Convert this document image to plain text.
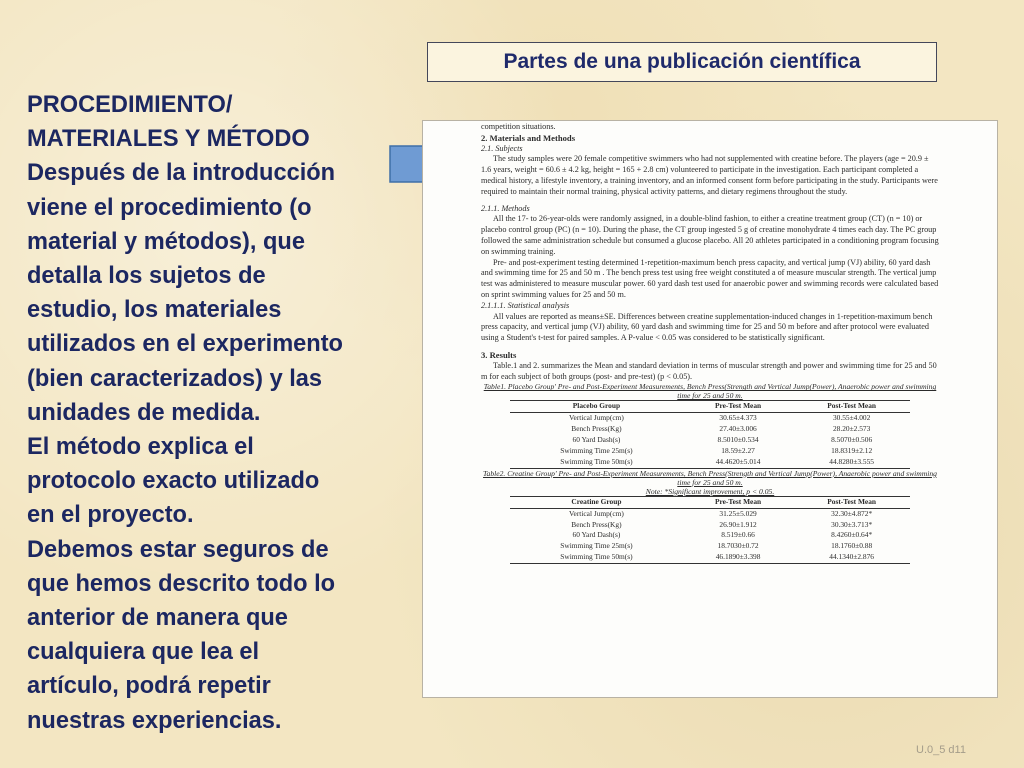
Partes de una publicación científica
PROCEDIMIENTO/
MATERIALES Y MÉTODO
Después de la introducción
viene el procedimiento (o
material y métodos), que
detalla los sujetos de
estudio, los materiales
utilizados en el experimento
(bien caracterizados) y las
unidades de medida.
El método explica el
protocolo exacto utilizado
en el proyecto.
Debemos estar seguros de
que hemos descrito todo lo
anterior de manera que
cualquiera que lea el
artículo, podrá repetir
nuestras experiencias.

competition situations.

2. Materials and Methods

2.1. Subjects

The study samples were 20 female competitive swimmers who had not supplemented with creatine before. The players (age = 20.9 ± 1.6 years, weight = 60.6 ± 4.2 kg, height = 165 + 2.8 cm) volunteered to participate in the investigation. Each participant completed a medical history, a lifestyle inventory, a training inventory, and an informed consent form before participating in the study. Participants were required to maintain their normal training, physical activity patterns, and dietary regimens throughout the study.

2.1.1. Methods

All the 17- to 26-year-olds were randomly assigned, in a double-blind fashion, to either a creatine treatment group (CT) (n = 10) or placebo control group (PC) (n = 10). During the phase, the CT group ingested 5 g of creatine monohydrate 4 times each day. The PC group followed the same administration schedule but consumed a glucose placebo. All 20 athletes participated in a conditioning program focusing on swimming training.

Pre- and post-experiment testing determined 1-repetition-maximum bench press capacity, and vertical jump (VJ) ability, 60 yard dash and swimming time for 25 and 50 m . The bench press test using free weight constituted a of measure muscular strength. The vertical jump test was administered to measure muscular power. 60 yard dash test used for anaerobic power and swimming records were calculated based on sprint swimming values for 25 and 50 m.

2.1.1.1. Statistical analysis

All values are reported as means±SE. Differences between creatine supplementation-induced changes in 1-repetition-maximum bench press capacity, and vertical jump (VJ) ability, 60 yard dash and swimming time for 25 and 50 m before and after protocol were evaluated using a Student's t-test for paired samples. A P-value < 0.05 was considered to be statistically significant.

3. Results

Table.1 and 2. summarizes the Mean and standard deviation in terms of muscular strength and power and swimming time for 25 and 50 m for each subject of both groups (post- and pre-test) (p < 0.05).

Table1. Placebo Group' Pre- and Post-Experiment Measurements, Bench Press(Strength and Vertical Jump(Power), Anaerobic power and swimming time for 25 and 50 m.

Placebo Group	Pre-Test Mean	Post-Test Mean
Vertical Jump(cm)	30.65±4.373	30.55±4.002
Bench Press(Kg)	27.40±3.006	28.20±2.573
60 Yard Dash(s)	8.5010±0.534	8.5070±0.506
Swimming Time 25m(s)	18.59±2.27	18.8319±2.12
Swimming Time 50m(s)	44.4620±5.014	44.8280±3.555

Table2. Creatine Group' Pre- and Post-Experiment Measurements, Bench Press(Strength and Vertical Jump(Power), Anaerobic power and swimming time for 25 and 50 m.

Note: *Significant improvement, p < 0.05.

Creatine Group	Pre-Test Mean	Post-Test Mean
Vertical Jump(cm)	31.25±5.029	32.30±4.872*
Bench Press(Kg)	26.90±1.912	30.30±3.713*
60 Yard Dash(s)	8.519±0.66	8.4260±0.64*
Swimming Time 25m(s)	18.7030±0.72	18.1760±0.88
Swimming Time 50m(s)	46.1890±3.398	44.1340±2.876
U.0_5 d11
